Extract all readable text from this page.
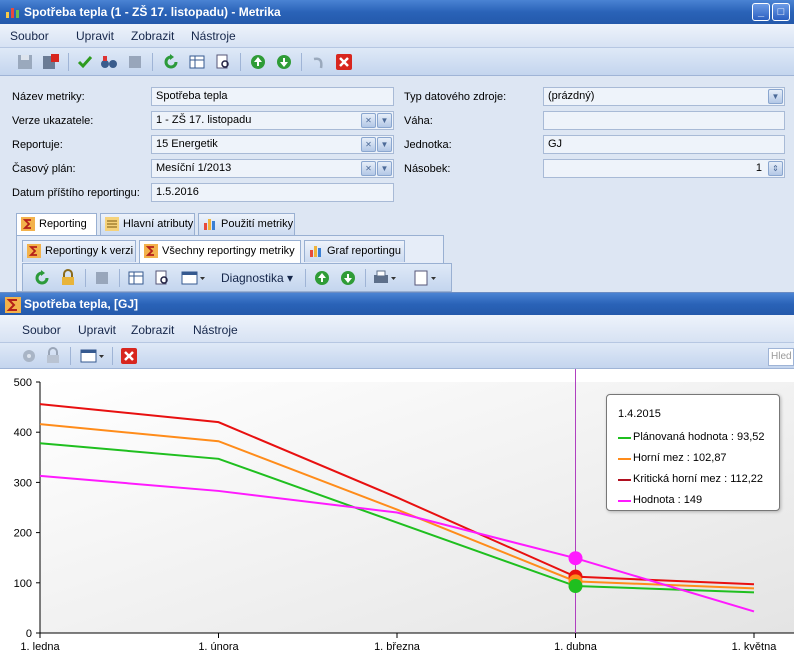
Spotřeba tepla (1 - ZŠ 17. listopadu) - Metrika	_	□
Soubor Upravit Zobrazit Nástroje
Název metriky:	Spotřeba tepla
Verze ukazatele:	1 - ZŠ 17. listopadu	✕	▼
Reportuje:	15 Energetik	✕	▼
Časový plán:	Mesíční 1/2013	✕	▼
Datum příštího reportingu:	1.5.2016
Typ datového zdroje:	(prázdný)	▼
Váha:
Jednotka:	GJ
Násobek:	1	⇕
Reporting	Hlavní atributy	Použití metriky
Reportingy k verzi	Všechny reportingy metriky	Graf reportingu
Diagnostika ▾
Spotřeba tepla, [GJ]
Soubor Upravit Zobrazit Nástroje
Hled
0
100
200
300
400
500
1. ledna	1. února	1. března	1. dubna	1. května
1.4.2015
Plánovaná hodnota : 93,52
Horní mez : 102,87
Kritická horní mez : 112,22
Hodnota : 149
